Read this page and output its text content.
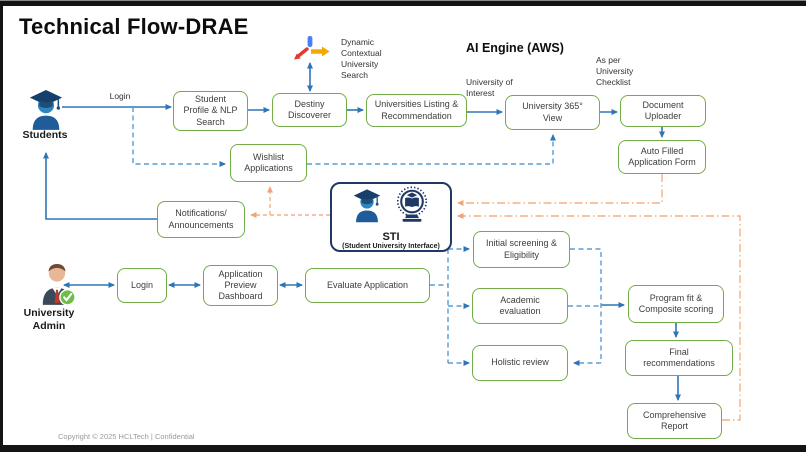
Technical Flow-DRAE
Students
University Admin
Dynamic Contextual University Search
AI Engine (AWS)
Login
University of Interest
As per University Checklist
Student Profile & NLP Search
Destiny Discoverer
Universities Listing & Recommendation
University 365° View
Document Uploader
Auto Filled Application Form
Wishlist Applications
Notifications/ Announcements
STI
(Student University Interface)
Login
Application Preview Dashboard
Evaluate Application
Initial screening & Eligibility
Academic evaluation
Holistic review
Program fit & Composite scoring
Final recommendations
Comprehensive Report
Copyright © 2025 HCLTech | Confidential
